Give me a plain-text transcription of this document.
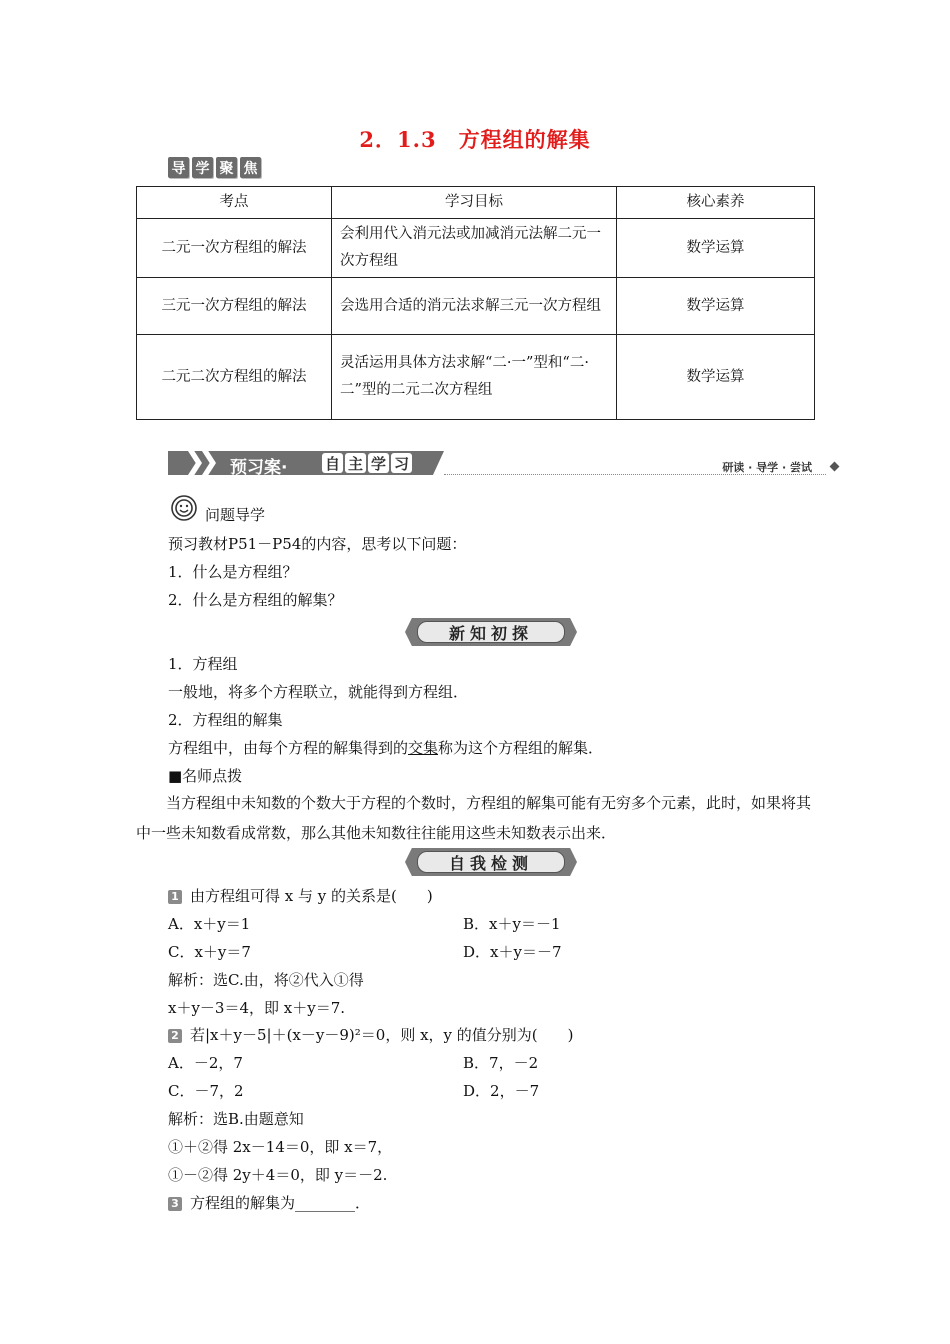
2．1.3　方程组的解集
导 学 聚 焦
考点	学习目标	核心素养
二元一次方程组的解法	会利用代入消元法或加减消元法解二元一次方程组	数学运算
三元一次方程组的解法	会选用合适的消元法求解三元一次方程组	数学运算
二元二次方程组的解法	灵活运用具体方法求解“二·一”型和“二·二”型的二元二次方程组	数学运算
预习案·	自 主 学 习	研读 · 导学 · 尝试
问题导学
预习教材P51－P54的内容，思考以下问题：
1．什么是方程组？
2．什么是方程组的解集？
新知初探
1．方程组
一般地，将多个方程联立，就能得到方程组．
2．方程组的解集
方程组中，由每个方程的解集得到的交集称为这个方程组的解集．
■名师点拨
当方程组中未知数的个数大于方程的个数时，方程组的解集可能有无穷多个元素，此时，如果将其中一些未知数看成常数，那么其他未知数往往能用这些未知数表示出来．
自我检测
1 由方程组可得 x 与 y 的关系是(　　)
A．x＋y＝1	B．x＋y＝－1
C．x＋y＝7	D．x＋y＝－7
解析：选C.由，将②代入①得
x＋y－3＝4，即 x＋y＝7.
2 若|x＋y－5|＋(x－y－9)²＝0，则 x，y 的值分别为(　　)
A．－2，7	B．7，－2
C．－7，2	D．2，－7
解析：选B.由题意知
①＋②得 2x－14＝0，即 x＝7，
①－②得 2y＋4＝0，即 y＝－2.
3 方程组的解集为________．
